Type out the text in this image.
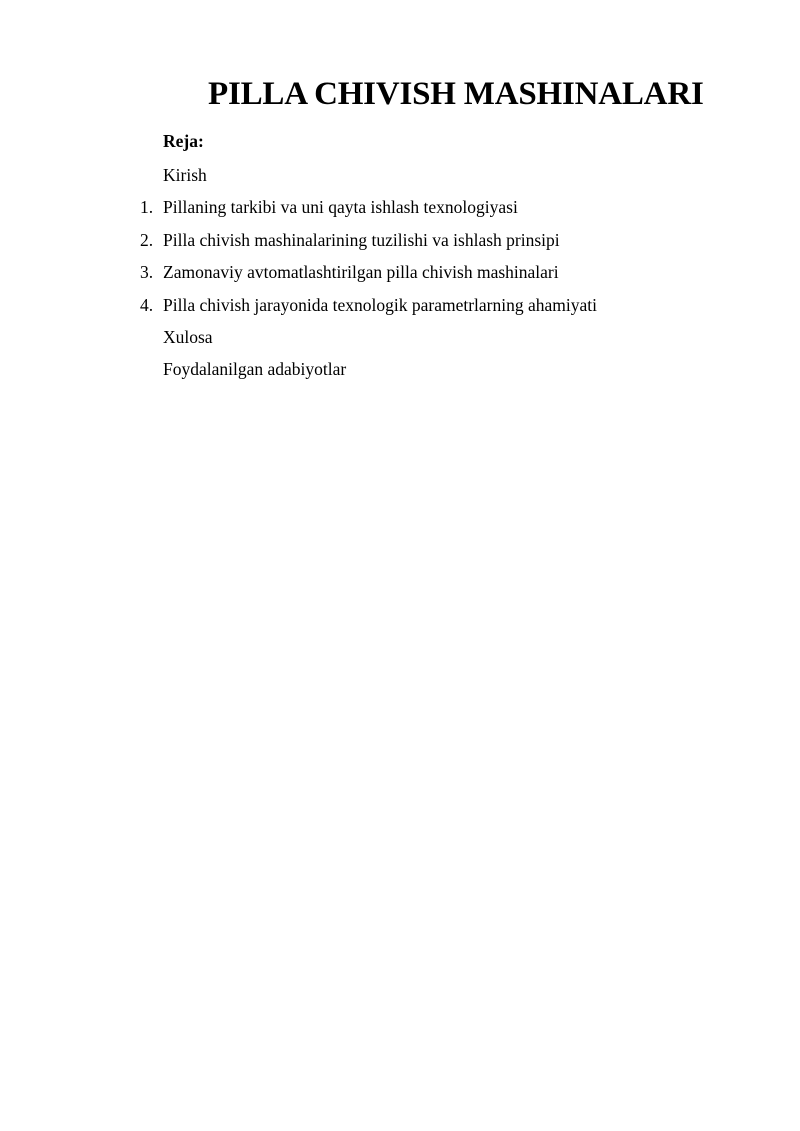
PILLA CHIVISH MASHINALARI
Reja:
Kirish
1. Pillaning tarkibi va uni qayta ishlash texnologiyasi
2. Pilla chivish mashinalarining tuzilishi va ishlash prinsipi
3. Zamonaviy avtomatlashtirilgan pilla chivish mashinalari
4. Pilla chivish jarayonida texnologik parametrlarning ahamiyati
Xulosa
Foydalanilgan adabiyotlar
